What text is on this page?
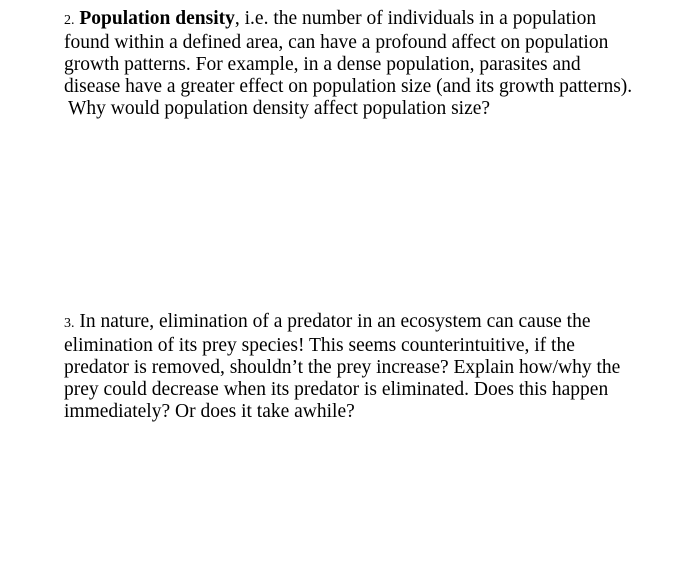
2. Population density, i.e. the number of individuals in a population
found within a defined area, can have a profound affect on population
growth patterns. For example, in a dense population, parasites and
disease have a greater effect on population size (and its growth patterns).
Why would population density affect population size?
3. In nature, elimination of a predator in an ecosystem can cause the
elimination of its prey species! This seems counterintuitive, if the
predator is removed, shouldn’t the prey increase? Explain how/why the
prey could decrease when its predator is eliminated. Does this happen
immediately? Or does it take awhile?
